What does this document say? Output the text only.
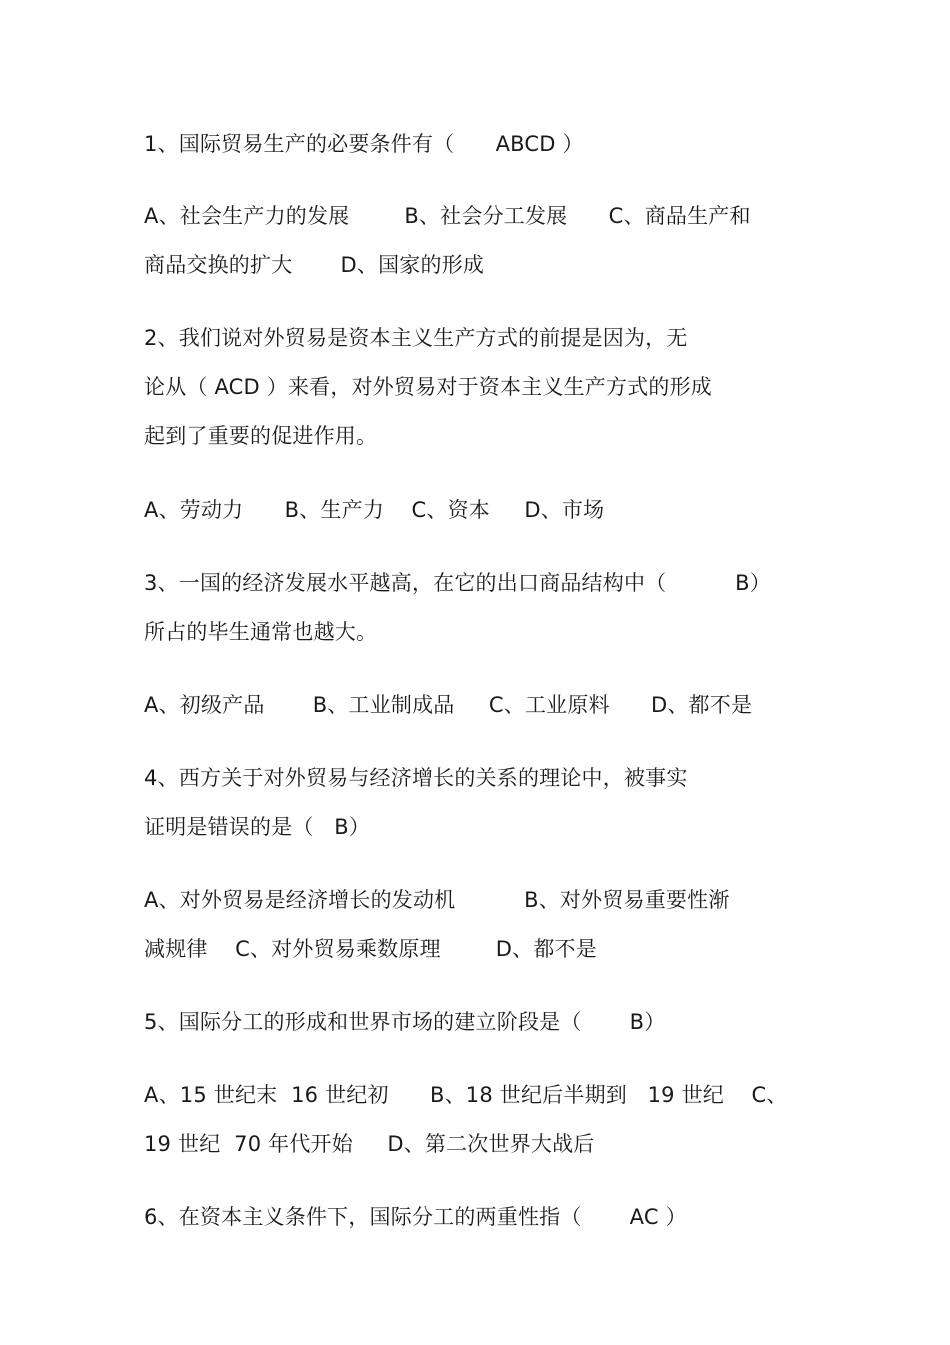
1、国际贸易生产的必要条件有（      ABCD ）
A、社会生产力的发展        B、社会分工发展      C、商品生产和
商品交换的扩大       D、国家的形成
2、我们说对外贸易是资本主义生产方式的前提是因为，无
论从（ ACD ）来看，对外贸易对于资本主义生产方式的形成
起到了重要的促进作用。
A、劳动力      B、生产力    C、资本     D、市场
3、一国的经济发展水平越高，在它的出口商品结构中（          B）
所占的毕生通常也越大。
A、初级产品       B、工业制成品     C、工业原料      D、都不是
4、西方关于对外贸易与经济增长的关系的理论中，被事实
证明是错误的是（   B）
A、对外贸易是经济增长的发动机          B、对外贸易重要性渐
减规律    C、对外贸易乘数原理        D、都不是
5、国际分工的形成和世界市场的建立阶段是（       B）
A、15 世纪末  16 世纪初      B、18 世纪后半期到   19 世纪    C、
19 世纪  70 年代开始     D、第二次世界大战后
6、在资本主义条件下，国际分工的两重性指（       AC ）
